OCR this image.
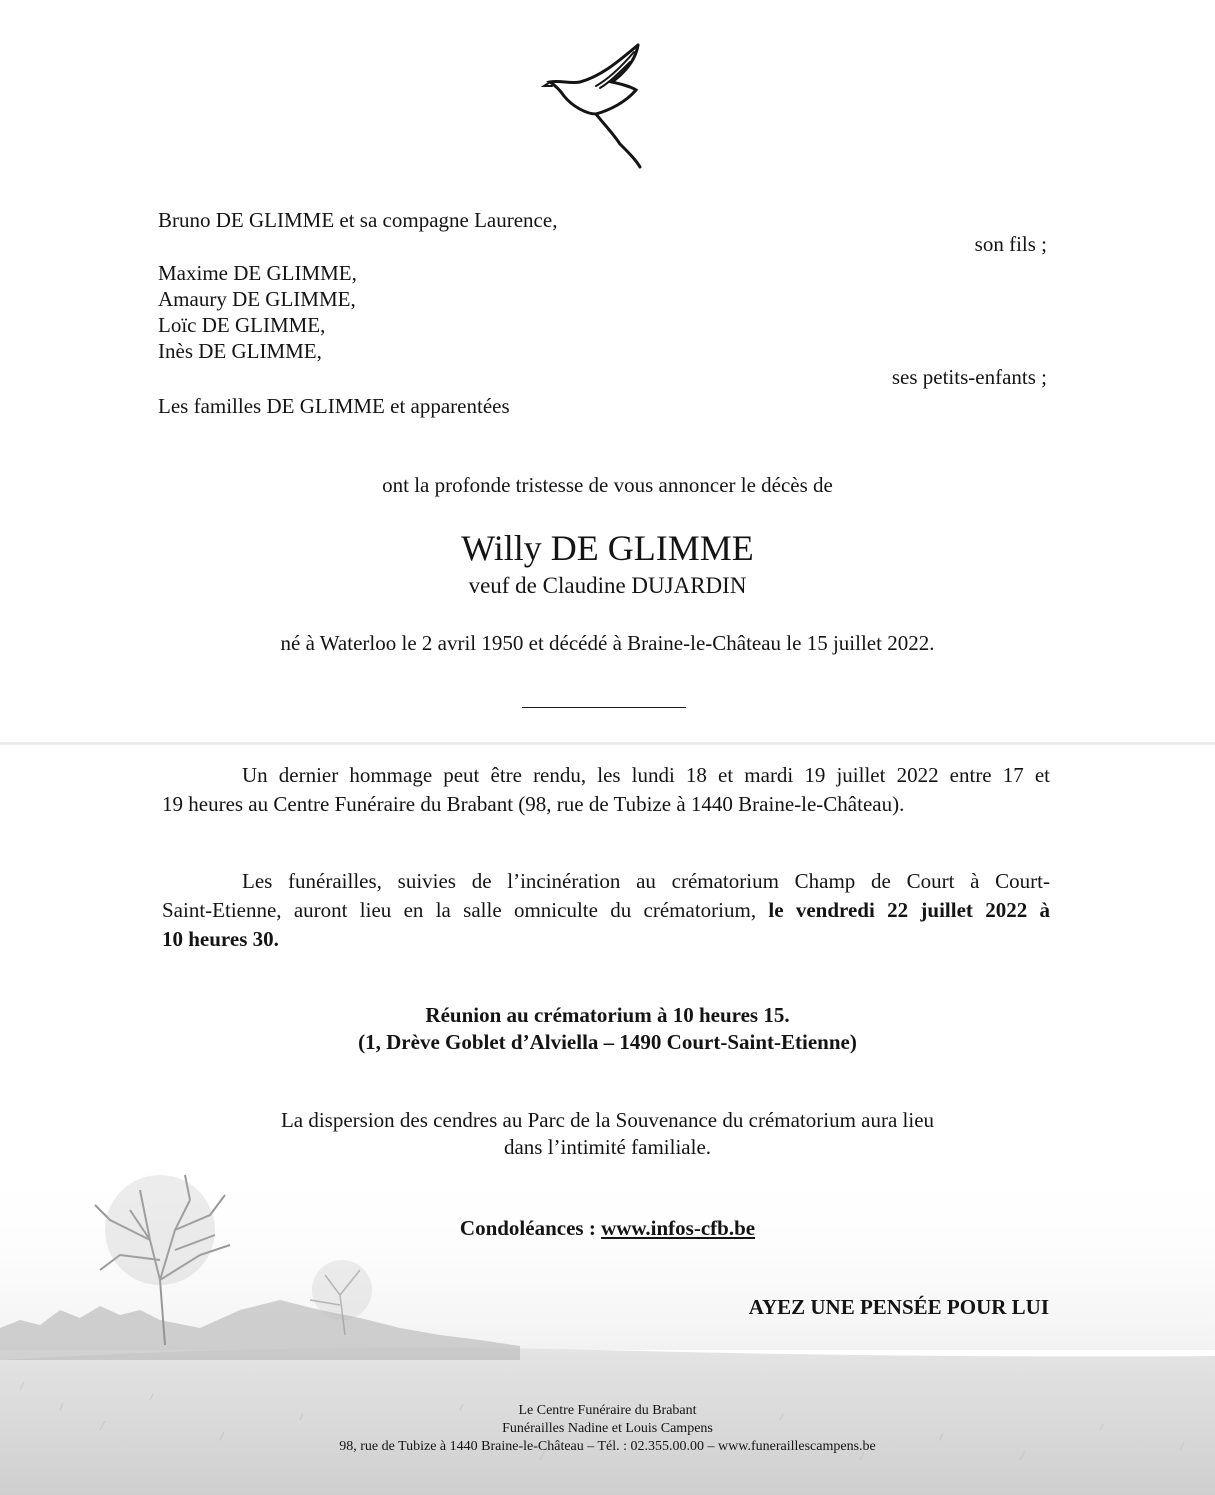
Bruno DE GLIMME et sa compagne Laurence,
son fils ;
Maxime DE GLIMME,
Amaury DE GLIMME,
Loïc DE GLIMME,
Inès DE GLIMME,
ses petits-enfants ;
Les familles DE GLIMME et apparentées
ont la profonde tristesse de vous annoncer le décès de
Willy DE GLIMME
veuf de Claudine DUJARDIN
né à Waterloo le 2 avril 1950 et décédé à Braine-le-Château le 15 juillet 2022.
Un dernier hommage peut être rendu, les lundi 18 et mardi 19 juillet 2022 entre 17 et
19 heures au Centre Funéraire du Brabant (98, rue de Tubize à 1440 Braine-le-Château).
Les funérailles, suivies de l’incinération au crématorium Champ de Court à Court-
Saint-Etienne, auront lieu en la salle omniculte du crématorium, le vendredi 22 juillet 2022 à
10 heures 30.
Réunion au crématorium à 10 heures 15.
(1, Drève Goblet d’Alviella – 1490 Court-Saint-Etienne)
La dispersion des cendres au Parc de la Souvenance du crématorium aura lieu
dans l’intimité familiale.
Condoléances : www.infos-cfb.be
AYEZ UNE PENSÉE POUR LUI
Le Centre Funéraire du Brabant
Funérailles Nadine et Louis Campens
98, rue de Tubize à 1440 Braine-le-Château – Tél. : 02.355.00.00 – www.funeraillescampens.be
